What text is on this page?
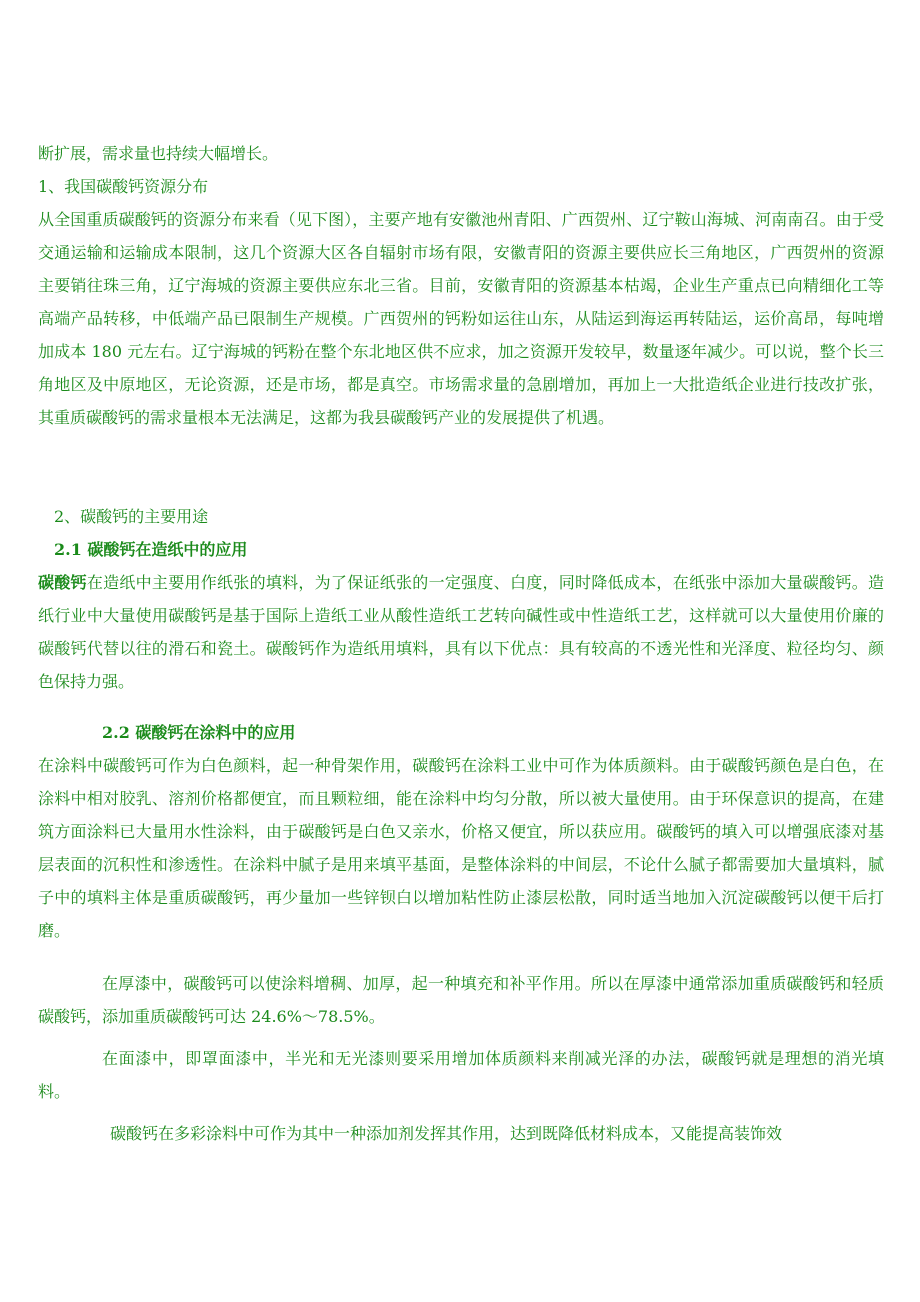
断扩展，需求量也持续大幅增长。

1、我国碳酸钙资源分布

从全国重质碳酸钙的资源分布来看（见下图），主要产地有安徽池州青阳、广西贺州、辽宁鞍山海城、河南南召。由于受交通运输和运输成本限制，这几个资源大区各自辐射市场有限，安徽青阳的资源主要供应长三角地区，广西贺州的资源主要销往珠三角，辽宁海城的资源主要供应东北三省。目前，安徽青阳的资源基本枯竭，企业生产重点已向精细化工等高端产品转移，中低端产品已限制生产规模。广西贺州的钙粉如运往山东，从陆运到海运再转陆运，运价高昂，每吨增加成本 180 元左右。辽宁海城的钙粉在整个东北地区供不应求，加之资源开发较早，数量逐年减少。可以说，整个长三角地区及中原地区，无论资源，还是市场，都是真空。市场需求量的急剧增加，再加上一大批造纸企业进行技改扩张，其重质碳酸钙的需求量根本无法满足，这都为我县碳酸钙产业的发展提供了机遇。

2、碳酸钙的主要用途

2.1 碳酸钙在造纸中的应用

碳酸钙在造纸中主要用作纸张的填料，为了保证纸张的一定强度、白度，同时降低成本，在纸张中添加大量碳酸钙。造纸行业中大量使用碳酸钙是基于国际上造纸工业从酸性造纸工艺转向碱性或中性造纸工艺，这样就可以大量使用价廉的碳酸钙代替以往的滑石和瓷土。碳酸钙作为造纸用填料，具有以下优点：具有较高的不透光性和光泽度、粒径均匀、颜色保持力强。

2.2 碳酸钙在涂料中的应用

在涂料中碳酸钙可作为白色颜料，起一种骨架作用，碳酸钙在涂料工业中可作为体质颜料。由于碳酸钙颜色是白色，在涂料中相对胶乳、溶剂价格都便宜，而且颗粒细，能在涂料中均匀分散，所以被大量使用。由于环保意识的提高，在建筑方面涂料已大量用水性涂料，由于碳酸钙是白色又亲水，价格又便宜，所以获应用。碳酸钙的填入可以增强底漆对基层表面的沉积性和渗透性。在涂料中腻子是用来填平基面，是整体涂料的中间层，不论什么腻子都需要加大量填料，腻子中的填料主体是重质碳酸钙，再少量加一些锌钡白以增加粘性防止漆层松散，同时适当地加入沉淀碳酸钙以便干后打磨。

在厚漆中，碳酸钙可以使涂料增稠、加厚，起一种填充和补平作用。所以在厚漆中通常添加重质碳酸钙和轻质碳酸钙，添加重质碳酸钙可达 24.6%～78.5%。

在面漆中，即罩面漆中，半光和无光漆则要采用增加体质颜料来削减光泽的办法，碳酸钙就是理想的消光填料。

碳酸钙在多彩涂料中可作为其中一种添加剂发挥其作用，达到既降低材料成本，又能提高装饰效
